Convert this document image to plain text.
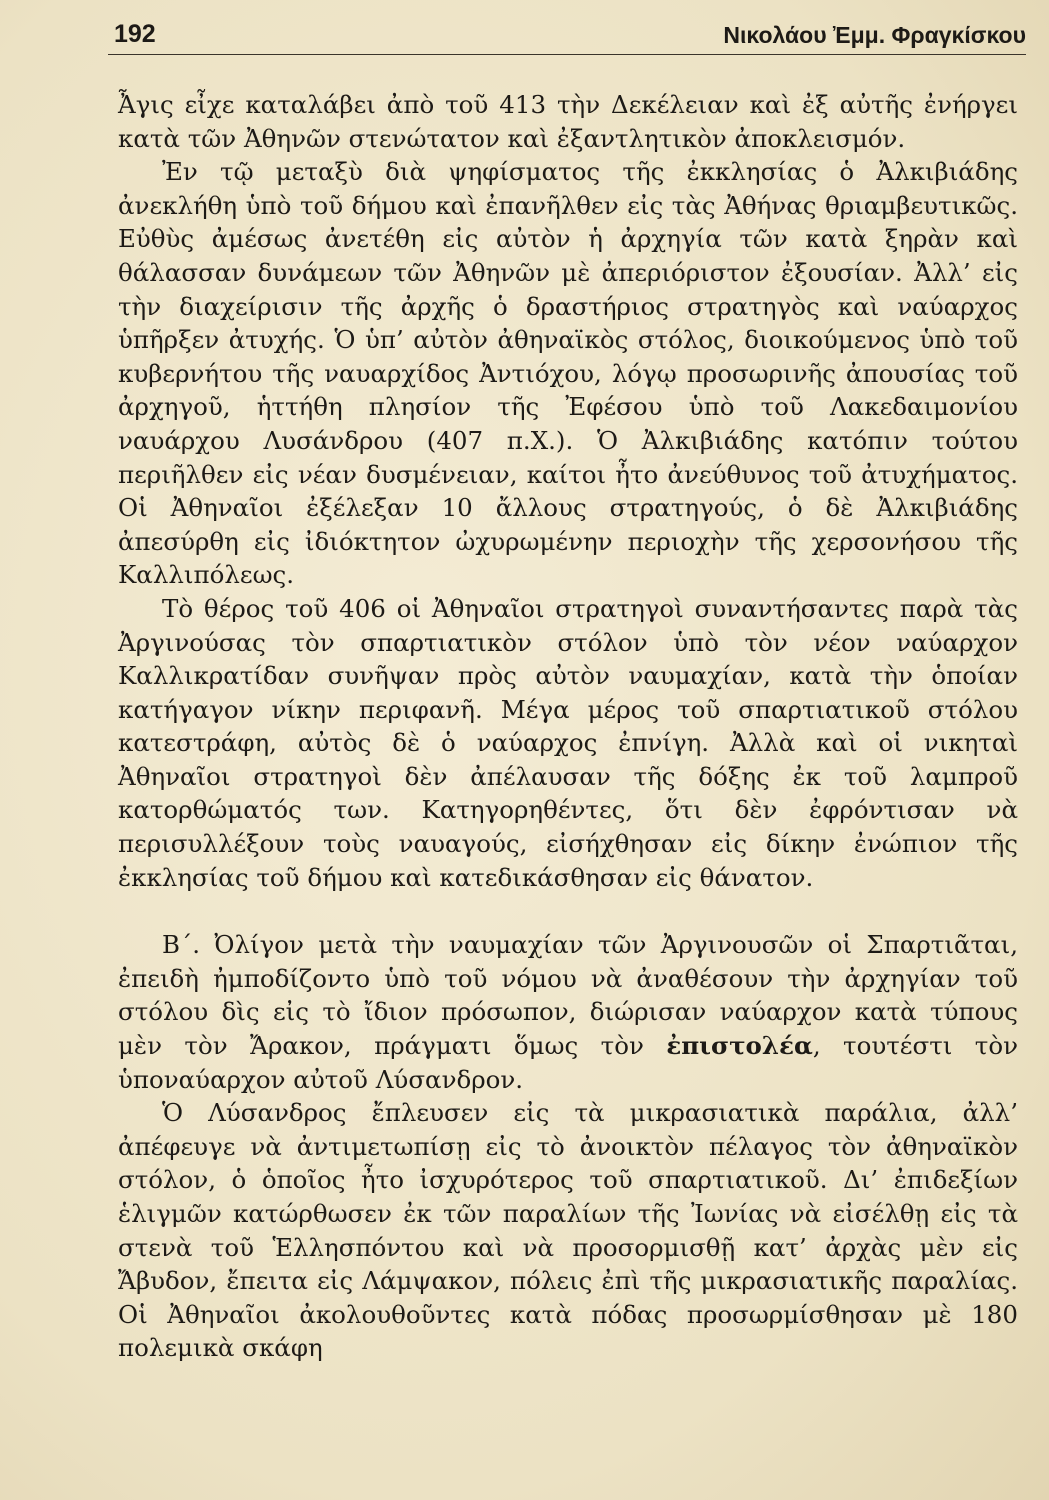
192	Νικολάου Ἐμμ. Φραγκίσκου

Ἆγις εἶχε καταλάβει ἀπὸ τοῦ 413 τὴν Δεκέλειαν καὶ ἐξ αὐτῆς ἐνήργει κατὰ τῶν Ἀθηνῶν στενώτατον καὶ ἐξαντλητικὸν ἀποκλεισμόν.

Ἐν τῷ μεταξὺ διὰ ψηφίσματος τῆς ἐκκλησίας ὁ Ἀλκιβιάδης ἀνεκλήθη ὑπὸ τοῦ δήμου καὶ ἐπανῆλθεν εἰς τὰς Ἀθήνας θριαμβευτικῶς. Εὐθὺς ἀμέσως ἀνετέθη εἰς αὐτὸν ἡ ἀρχηγία τῶν κατὰ ξηρὰν καὶ θάλασσαν δυνάμεων τῶν Ἀθηνῶν μὲ ἀπεριόριστον ἐξουσίαν. Ἀλλ’ εἰς τὴν διαχείρισιν τῆς ἀρχῆς ὁ δραστήριος στρατηγὸς καὶ ναύαρχος ὑπῆρξεν ἀτυχής. Ὁ ὑπ’ αὐτὸν ἀθηναϊκὸς στόλος, διοικούμενος ὑπὸ τοῦ κυβερνήτου τῆς ναυαρχίδος Ἀντιόχου, λόγῳ προσωρινῆς ἀπουσίας τοῦ ἀρχηγοῦ, ἡττήθη πλησίον τῆς Ἐφέσου ὑπὸ τοῦ Λακεδαιμονίου ναυάρχου Λυσάνδρου (407 π.Χ.). Ὁ Ἀλκιβιάδης κατόπιν τούτου περιῆλθεν εἰς νέαν δυσμένειαν, καίτοι ἦτο ἀνεύθυνος τοῦ ἀτυχήματος. Οἱ Ἀθηναῖοι ἐξέλεξαν 10 ἄλλους στρατηγούς, ὁ δὲ Ἀλκιβιάδης ἀπεσύρθη εἰς ἰδιόκτητον ὠχυρωμένην περιοχὴν τῆς χερσονήσου τῆς Καλλιπόλεως.

Τὸ θέρος τοῦ 406 οἱ Ἀθηναῖοι στρατηγοὶ συναντήσαντες παρὰ τὰς Ἀργινούσας τὸν σπαρτιατικὸν στόλον ὑπὸ τὸν νέον ναύαρχον Καλλικρατίδαν συνῆψαν πρὸς αὐτὸν ναυμαχίαν, κατὰ τὴν ὁποίαν κατήγαγον νίκην περιφανῆ. Μέγα μέρος τοῦ σπαρτιατικοῦ στόλου κατεστράφη, αὐτὸς δὲ ὁ ναύαρχος ἐπνίγη. Ἀλλὰ καὶ οἱ νικηταὶ Ἀθηναῖοι στρατηγοὶ δὲν ἀπέλαυσαν τῆς δόξης ἐκ τοῦ λαμπροῦ κατορθώματός των. Κατηγορηθέντες, ὅτι δὲν ἐφρόντισαν νὰ περισυλλέξουν τοὺς ναυαγούς, εἰσήχθησαν εἰς δίκην ἐνώπιον τῆς ἐκκλησίας τοῦ δήμου καὶ κατεδικάσθησαν εἰς θάνατον.

Β΄. Ὀλίγον μετὰ τὴν ναυμαχίαν τῶν Ἀργινουσῶν οἱ Σπαρτιᾶται, ἐπειδὴ ἠμποδίζοντο ὑπὸ τοῦ νόμου νὰ ἀναθέσουν τὴν ἀρχηγίαν τοῦ στόλου δὶς εἰς τὸ ἴδιον πρόσωπον, διώρισαν ναύαρχον κατὰ τύπους μὲν τὸν Ἄρακον, πράγματι ὅμως τὸν ἐπιστολέα, τουτέστι τὸν ὑποναύαρχον αὐτοῦ Λύσανδρον.

Ὁ Λύσανδρος ἔπλευσεν εἰς τὰ μικρασιατικὰ παράλια, ἀλλ’ ἀπέφευγε νὰ ἀντιμετωπίσῃ εἰς τὸ ἀνοικτὸν πέλαγος τὸν ἀθηναϊκὸν στόλον, ὁ ὁποῖος ἦτο ἰσχυρότερος τοῦ σπαρτιατικοῦ. Δι’ ἐπιδεξίων ἑλιγμῶν κατώρθωσεν ἐκ τῶν παραλίων τῆς Ἰωνίας νὰ εἰσέλθῃ εἰς τὰ στενὰ τοῦ Ἑλλησπόντου καὶ νὰ προσορμισθῇ κατ’ ἀρχὰς μὲν εἰς Ἄβυδον, ἔπειτα εἰς Λάμψακον, πόλεις ἐπὶ τῆς μικρασιατικῆς παραλίας. Οἱ Ἀθηναῖοι ἀκολουθοῦντες κατὰ πόδας προσωρμίσθησαν μὲ 180 πολεμικὰ σκάφη
